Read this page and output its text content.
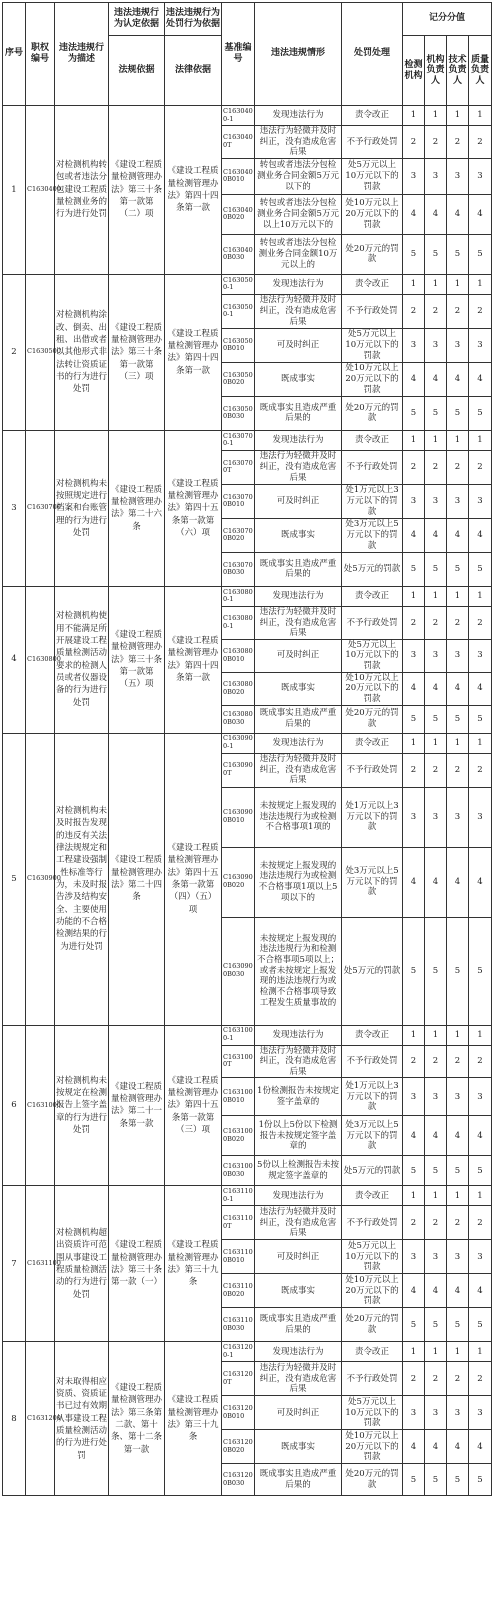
序号	职权编号	违法违规行为描述	违法违规行为认定依据	违法违规行为处罚行为依据	基准编号	违法违规情形	处罚处理	记分分值			
			法规依据	法律依据				检测机构	机构负责人	技术负责人	质量负责人
1	C1630400	对检测机构转包或者违法分包建设工程质量检测业务的行为进行处罚	《建设工程质量检测管理办法》第三十条第一款第（二）项	《建设工程质量检测管理办法》第四十四条第一款	C1630400-1	发现违法行为	责令改正	1	1	1	1
					C1630400T	违法行为轻微并及时纠正，没有造成危害后果	不予行政处罚	2	2	2	2
					C1630400B010	转包或者违法分包检测业务合同金额5万元以下的	处5万元以上10万元以下的罚款	3	3	3	3
					C1630400B020	转包或者违法分包检测业务合同金额5万元以上10万元以下的	处10万元以上20万元以下的罚款	4	4	4	4
					C1630400B030	转包或者违法分包检测业务合同金额10万元以上的	处20万元的罚款	5	5	5	5
2	C1630500	对检测机构涂改、倒卖、出租、出借或者以其他形式非法转让资质证书的行为进行处罚	《建设工程质量检测管理办法》第三十条第一款第（三）项	《建设工程质量检测管理办法》第四十四条第一款	C1630500-1	发现违法行为	责令改正	1	1	1	1
					C1630500-1	违法行为轻微并及时纠正，没有造成危害后果	不予行政处罚	2	2	2	2
					C1630500B010	可及时纠正	处5万元以上10万元以下的罚款	3	3	3	3
					C1630500B020	既成事实	处10万元以上20万元以下的罚款	4	4	4	4
					C1630500B030	既成事实且造成严重后果的	处20万元的罚款	5	5	5	5
3	C1630700	对检测机构未按照规定进行档案和台账管理的行为进行处罚	《建设工程质量检测管理办法》第二十六条	《建设工程质量检测管理办法》第四十五条第一款第（六）项	C1630700-1	发现违法行为	责令改正	1	1	1	1
					C1630700T	违法行为轻微并及时纠正，没有造成危害后果	不予行政处罚	2	2	2	2
					C1630700B010	可及时纠正	处1万元以上3万元以下的罚款	3	3	3	3
					C1630700B020	既成事实	处3万元以上5万元以下的罚款	4	4	4	4
					C1630700B030	既成事实且造成严重后果的	处5万元的罚款	5	5	5	5
4	C1630800	对检测机构使用不能满足所开展建设工程质量检测活动要求的检测人员或者仪器设备的行为进行处罚	《建设工程质量检测管理办法》第三十条第一款第（五）项	《建设工程质量检测管理办法》第四十四条第一款	C1630800-1	发现违法行为	责令改正	1	1	1	1
					C1630800-1	违法行为轻微并及时纠正，没有造成危害后果	不予行政处罚	2	2	2	2
					C1630800B010	可及时纠正	处5万元以上10万元以下的罚款	3	3	3	3
					C1630800B020	既成事实	处10万元以上20万元以下的罚款	4	4	4	4
					C1630800B030	既成事实且造成严重后果的	处20万元的罚款	5	5	5	5
5	C1630900	对检测机构未及时报告发现的违反有关法律法规规定和工程建设强制性标准等行为，未及时报告涉及结构安全、主要使用功能的不合格检测结果的行为进行处罚	《建设工程质量检测管理办法》第二十四条	《建设工程质量检测管理办法》第四十五条第一款第（四）（五）项	C1630900-1	发现违法行为	责令改正	1	1	1	1
					C1630900T	违法行为轻微并及时纠正，没有造成危害后果	不予行政处罚	2	2	2	2
					C1630900B010	未按规定上报发现的违法违规行为或检测不合格事项1项的	处1万元以上3万元以下的罚款	3	3	3	3
					C1630900B020	未按规定上报发现的违法违规行为或检测不合格事项1项以上5项以下的	处3万元以上5万元以下的罚款	4	4	4	4
					C1630900B030	未按规定上报发现的违法违规行为和检测不合格事项5项以上；或者未按规定上报发现的违法违规行为或检测不合格事项导致工程发生质量事故的	处5万元的罚款	5	5	5	5
6	C1631000	对检测机构未按规定在检测报告上签字盖章的行为进行处罚	《建设工程质量检测管理办法》第二十一条第一款	《建设工程质量检测管理办法》第四十五条第一款第（三）项	C1631000-1	发现违法行为	责令改正	1	1	1	1
					C1631000T	违法行为轻微并及时纠正，没有造成危害后果	不予行政处罚	2	2	2	2
					C1631000B010	1份检测报告未按规定签字盖章的	处1万元以上3万元以下的罚款	3	3	3	3
					C1631000B020	1份以上5份以下检测报告未按规定签字盖章的	处3万元以上5万元以下的罚款	4	4	4	4
					C1631000B030	5份以上检测报告未按规定签字盖章的	处5万元的罚款	5	5	5	5
7	C1631100	对检测机构超出资质许可范围从事建设工程质量检测活动的行为进行处罚	《建设工程质量检测管理办法》第三十条第一款（一）	《建设工程质量检测管理办法》第三十九条	C1631100-1	发现违法行为	责令改正	1	1	1	1
					C1631100T	违法行为轻微并及时纠正，没有造成危害后果	不予行政处罚	2	2	2	2
					C1631100B010	可及时纠正	处5万元以上10万元以下的罚款	3	3	3	3
					C1631100B020	既成事实	处10万元以上20万元以下的罚款	4	4	4	4
					C1631100B030	既成事实且造成严重后果的	处20万元的罚款	5	5	5	5
8	C1631200	对未取得相应资质、资质证书已过有效期从事建设工程质量检测活动的行为进行处罚	《建设工程质量检测管理办法》第三条第二款、第十条、第十二条第一款	《建设工程质量检测管理办法》第三十九条	C1631200-1	发现违法行为	责令改正	1	1	1	1
					C1631200T	违法行为轻微并及时纠正，没有造成危害后果	不予行政处罚	2	2	2	2
					C1631200B010	可及时纠正	处5万元以上10万元以下的罚款	3	3	3	3
					C1631200B020	既成事实	处10万元以上20万元以下的罚款	4	4	4	4
					C1631200B030	既成事实且造成严重后果的	处20万元的罚款	5	5	5	5
